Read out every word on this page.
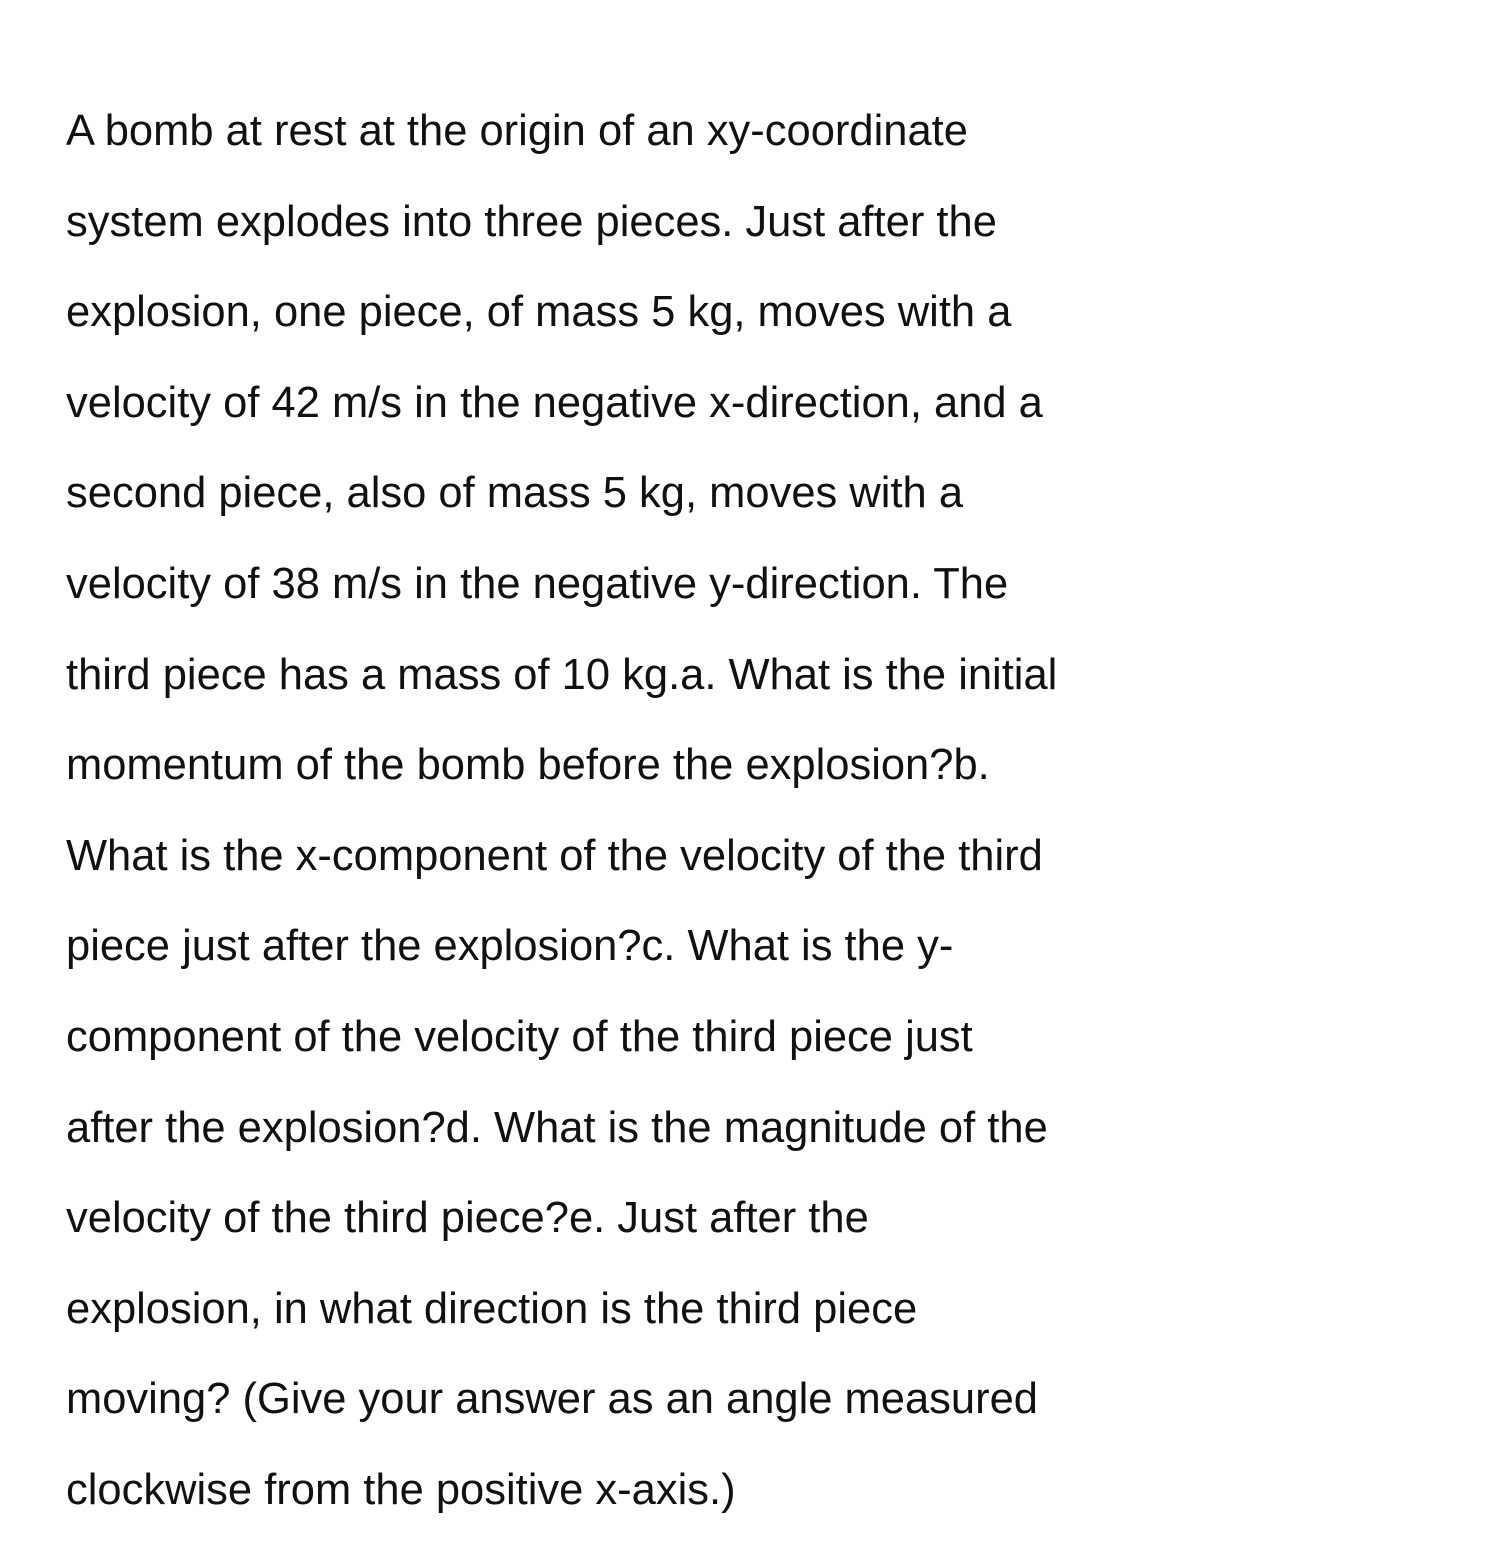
A bomb at rest at the origin of an xy-coordinate
system explodes into three pieces. Just after the
explosion, one piece, of mass 5 kg, moves with a
velocity of 42 m/s in the negative x-direction, and a
second piece, also of mass 5 kg, moves with a
velocity of 38 m/s in the negative y-direction. The
third piece has a mass of 10 kg.a. What is the initial
momentum of the bomb before the explosion?b.
What is the x-component of the velocity of the third
piece just after the explosion?c. What is the y-
component of the velocity of the third piece just
after the explosion?d. What is the magnitude of the
velocity of the third piece?e. Just after the
explosion, in what direction is the third piece
moving? (Give your answer as an angle measured
clockwise from the positive x-axis.)
